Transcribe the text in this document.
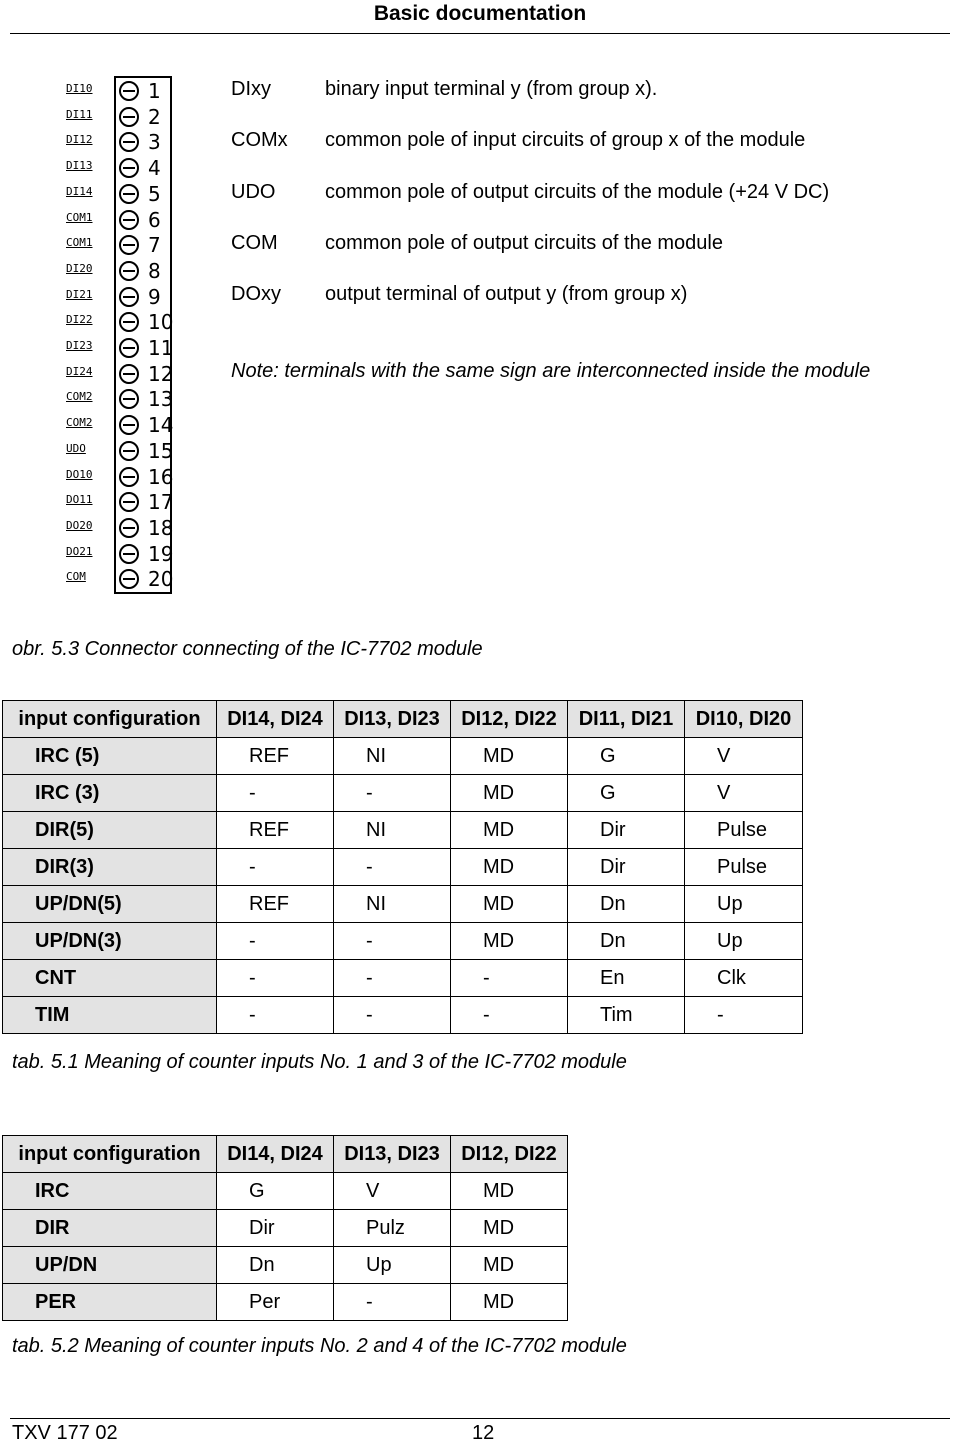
Basic documentation
DI10	1
DI11	2
DI12	3
DI13	4
DI14	5
COM1	6
COM1	7
DI20	8
DI21	9
DI22	10
DI23	11
DI24	12
COM2	13
COM2	14
UDO	15
DO10	16
DO11	17
DO20	18
DO21	19
COM	20
DIxy	binary input terminal y (from group x).
COMx common pole of input circuits of group x of the module
UDO common pole of output circuits of the module (+24 V DC)
COM common pole of output circuits of the module
DOxy output terminal of output y (from group x)
Note: terminals with the same sign are interconnected inside the module
obr. 5.3 Connector connecting of the IC-7702 module
input configuration	DI14, DI24	DI13, DI23	DI12, DI22	DI11, DI21	DI10, DI20
IRC (5)	REF	NI	MD	G	V
IRC (3)	-	-	MD	G	V
DIR(5)	REF	NI	MD	Dir	Pulse
DIR(3)	-	-	MD	Dir	Pulse
UP/DN(5)	REF	NI	MD	Dn	Up
UP/DN(3)	-	-	MD	Dn	Up
CNT	-	-	-	En	Clk
TIM	-	-	-	Tim	-
tab. 5.1 Meaning of counter inputs No. 1 and 3 of the IC-7702 module
input configuration	DI14, DI24	DI13, DI23	DI12, DI22
IRC	G	V	MD
DIR	Dir	Pulz	MD
UP/DN	Dn	Up	MD
PER	Per	-	MD
tab. 5.2 Meaning of counter inputs No. 2 and 4 of the IC-7702 module
TXV 177 02	12
